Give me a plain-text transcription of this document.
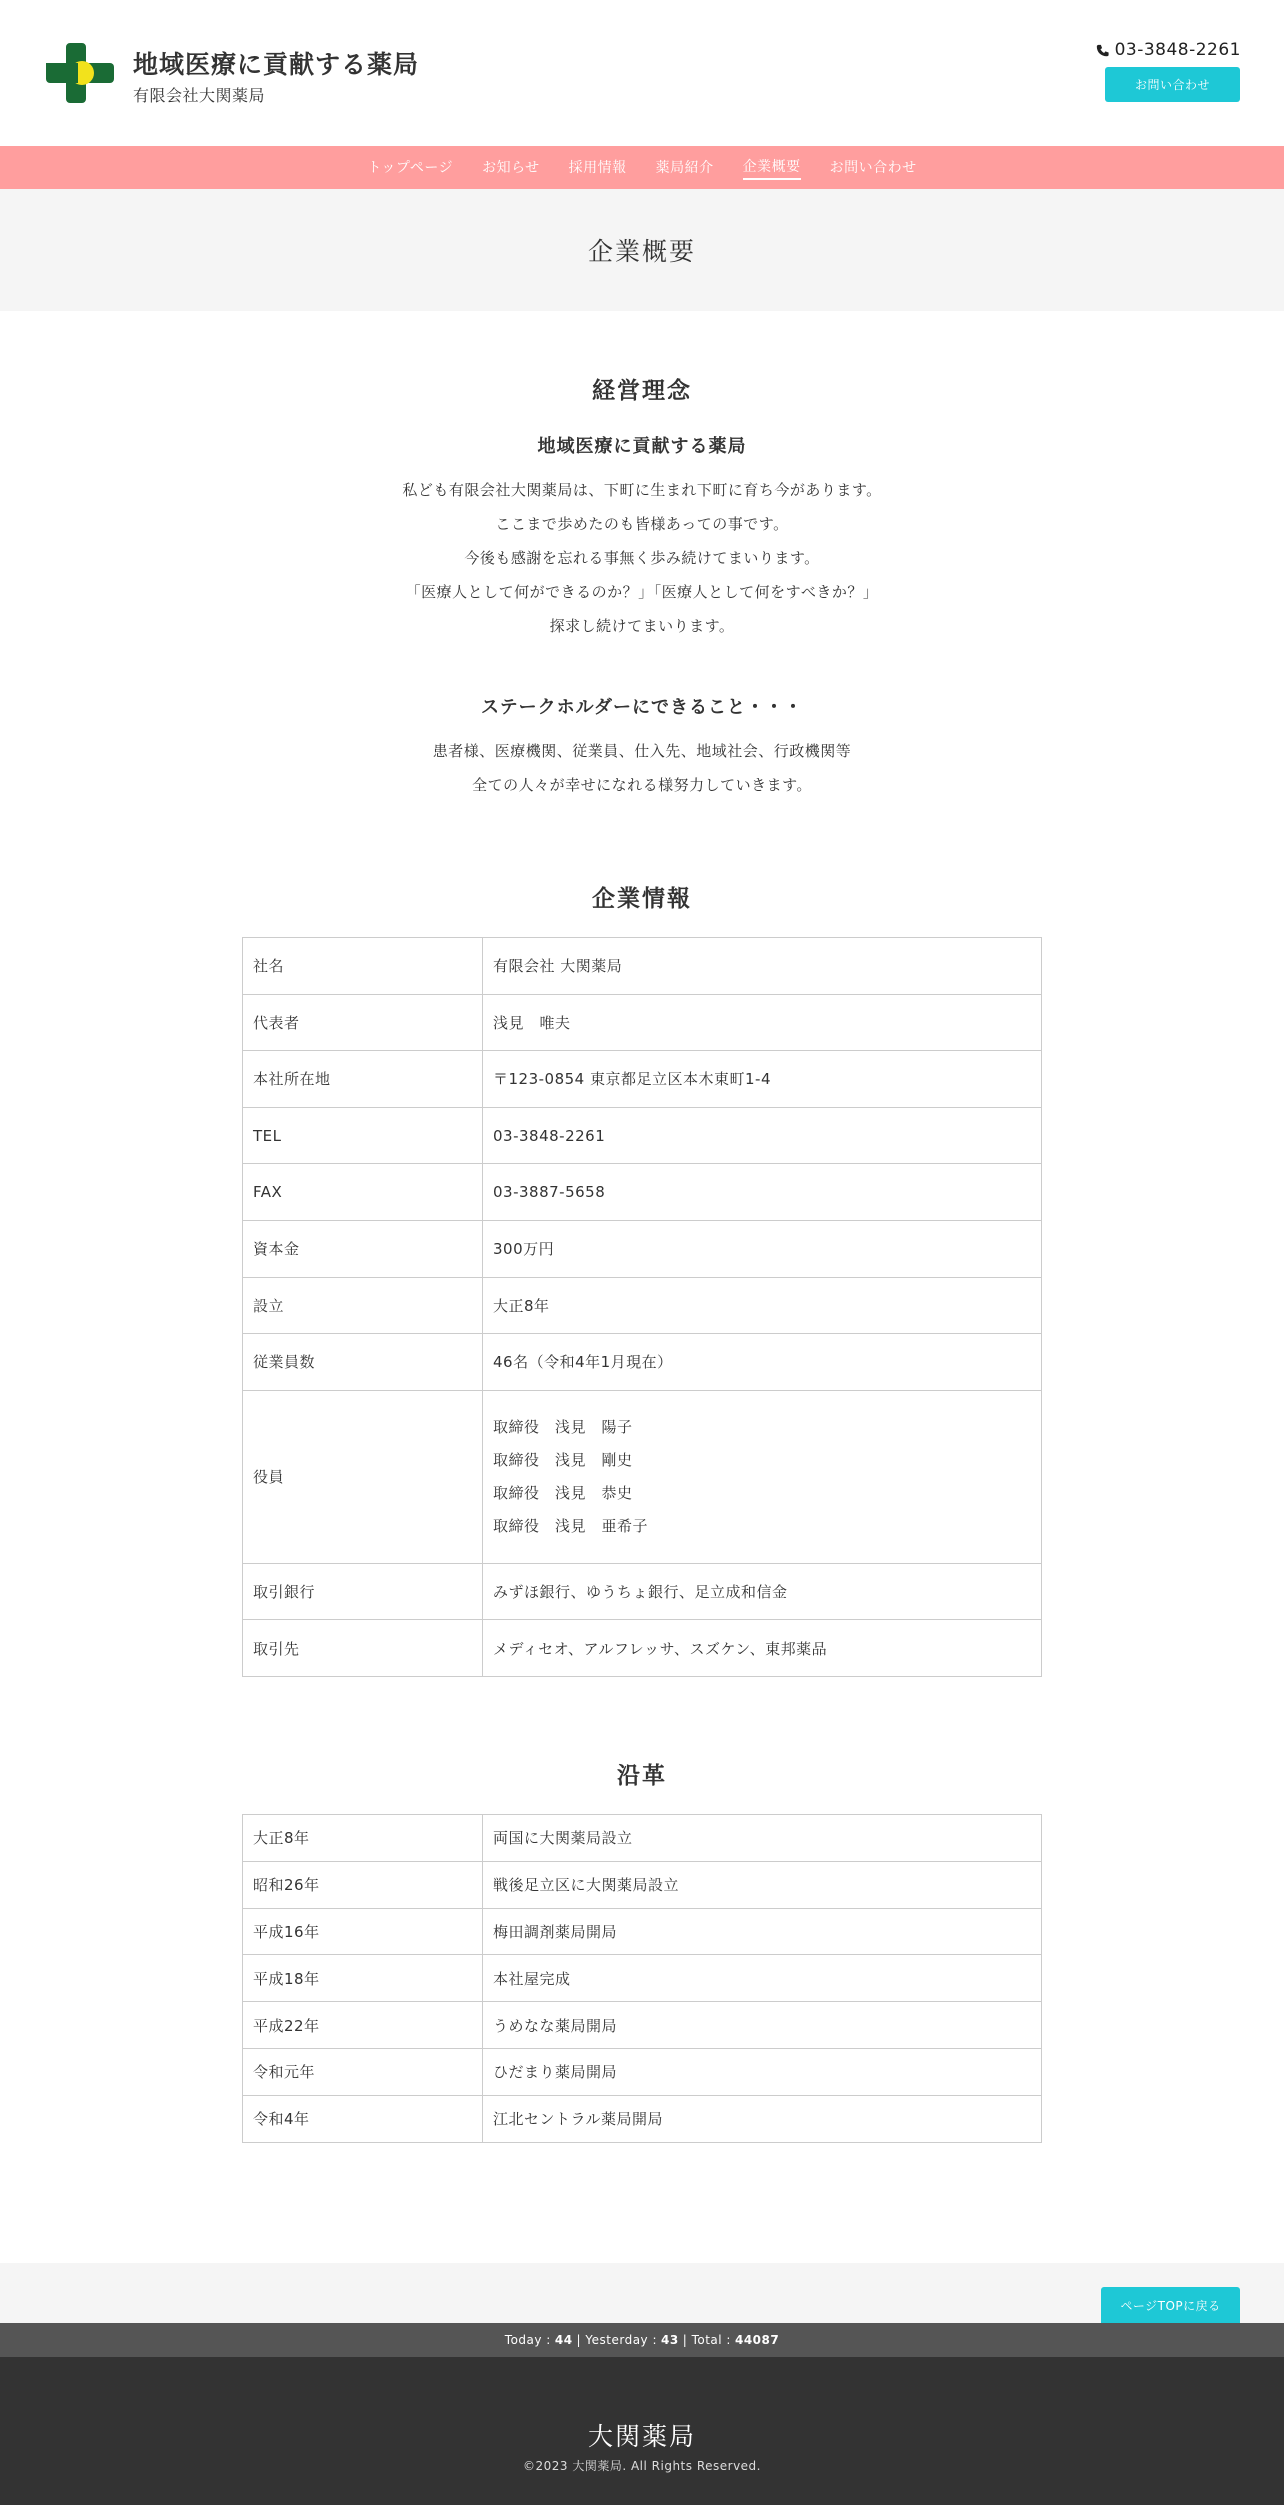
地域医療に貢献する薬局
有限会社大関薬局
03-3848-2261
お問い合わせ
トップページ お知らせ 採用情報 薬局紹介 企業概要 お問い合わせ
企業概要
経営理念
地域医療に貢献する薬局
私ども有限会社大関薬局は、下町に生まれ下町に育ち今があります。
ここまで歩めたのも皆様あっての事です。
今後も感謝を忘れる事無く歩み続けてまいります。
「医療人として何ができるのか？」「医療人として何をすべきか？」
探求し続けてまいります。
ステークホルダーにできること・・・
患者様、医療機関、従業員、仕入先、地域社会、行政機関等
全ての人々が幸せになれる様努力していきます。
企業情報
社名	有限会社 大関薬局
代表者	浅見　唯夫
本社所在地	〒123-0854 東京都足立区本木東町1-4
TEL	03-3848-2261
FAX	03-3887-5658
資本金	300万円
設立	大正8年
従業員数	46名（令和4年1月現在）
役員	取締役　浅見　陽子
取締役　浅見　剛史
取締役　浅見　恭史
取締役　浅見　亜希子

取引銀行	みずほ銀行、ゆうちょ銀行、足立成和信金
取引先	メディセオ、アルフレッサ、スズケン、東邦薬品
沿革
大正8年	両国に大関薬局設立
昭和26年	戦後足立区に大関薬局設立
平成16年	梅田調剤薬局開局
平成18年	本社屋完成
平成22年	うめなな薬局開局
令和元年	ひだまり薬局開局
令和4年	江北セントラル薬局開局
ページTOPに戻る
Today : 44 | Yesterday : 43 | Total : 44087
大関薬局
©2023 大関薬局. All Rights Reserved.
